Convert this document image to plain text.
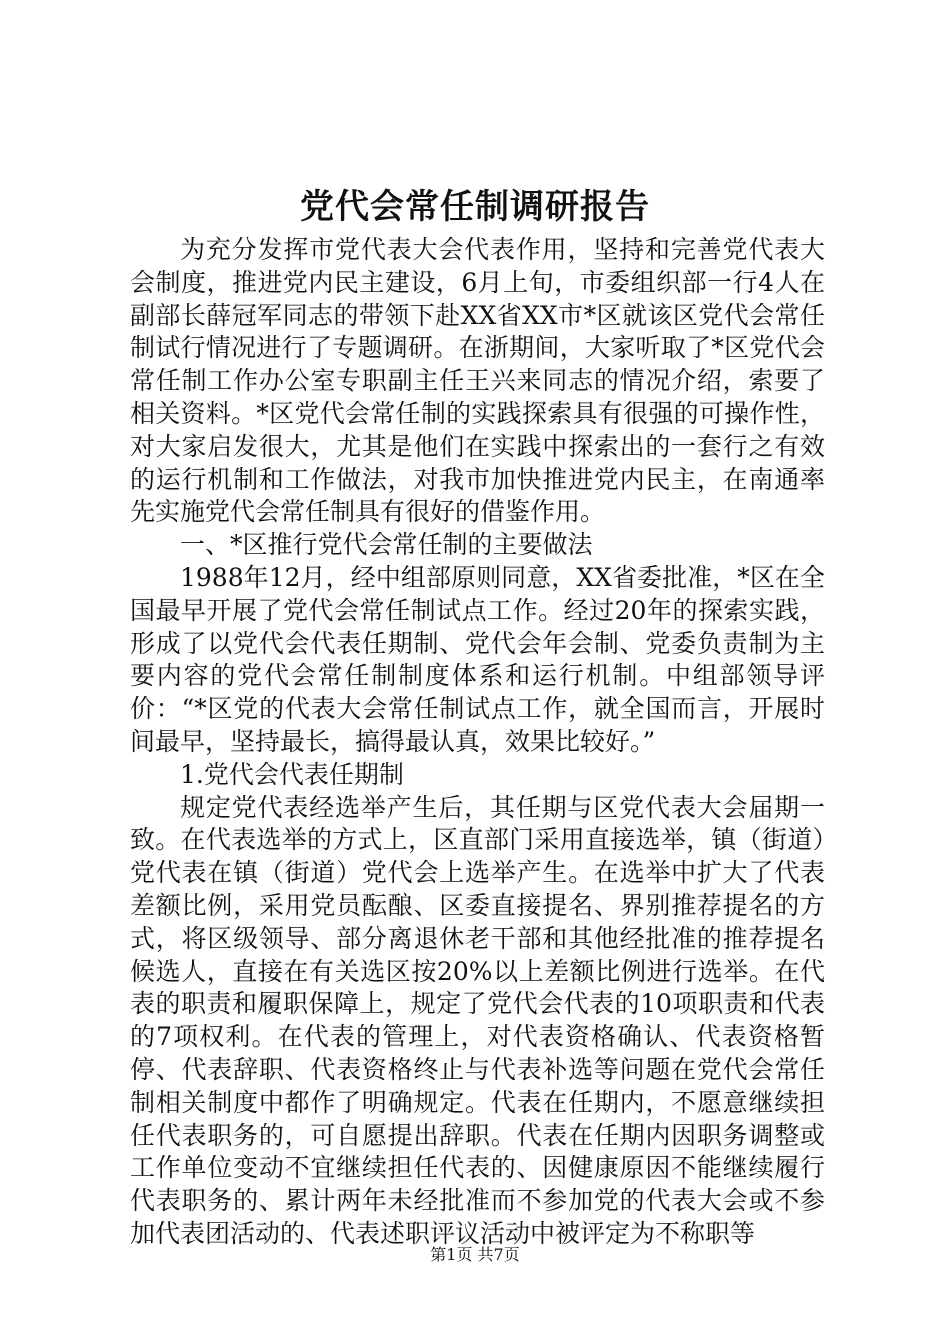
党代会常任制调研报告

为充分发挥市党代表大会代表作用，坚持和完善党代表大会制度，推进党内民主建设，6月上旬，市委组织部一行4人在副部长薛冠军同志的带领下赴XX省XX市*区就该区党代会常任制试行情况进行了专题调研。在浙期间，大家听取了*区党代会常任制工作办公室专职副主任王兴来同志的情况介绍，索要了相关资料。*区党代会常任制的实践探索具有很强的可操作性，对大家启发很大，尤其是他们在实践中探索出的一套行之有效的运行机制和工作做法，对我市加快推进党内民主，在南通率先实施党代会常任制具有很好的借鉴作用。

一、*区推行党代会常任制的主要做法

1988年12月，经中组部原则同意，XX省委批准，*区在全国最早开展了党代会常任制试点工作。经过20年的探索实践，形成了以党代会代表任期制、党代会年会制、党委负责制为主要内容的党代会常任制制度体系和运行机制。中组部领导评价：“*区党的代表大会常任制试点工作，就全国而言，开展时间最早，坚持最长，搞得最认真，效果比较好。”

1.党代会代表任期制

规定党代表经选举产生后，其任期与区党代表大会届期一致。在代表选举的方式上，区直部门采用直接选举，镇（街道）党代表在镇（街道）党代会上选举产生。在选举中扩大了代表差额比例，采用党员酝酿、区委直接提名、界别推荐提名的方式，将区级领导、部分离退休老干部和其他经批准的推荐提名候选人，直接在有关选区按20%以上差额比例进行选举。在代表的职责和履职保障上，规定了党代会代表的10项职责和代表的7项权利。在代表的管理上，对代表资格确认、代表资格暂停、代表辞职、代表资格终止与代表补选等问题在党代会常任制相关制度中都作了明确规定。代表在任期内，不愿意继续担任代表职务的，可自愿提出辞职。代表在任期内因职务调整或工作单位变动不宜继续担任代表的、因健康原因不能继续履行代表职务的、累计两年未经批准而不参加党的代表大会或不参加代表团活动的、代表述职评议活动中被评定为不称职等

第1页 共7页
